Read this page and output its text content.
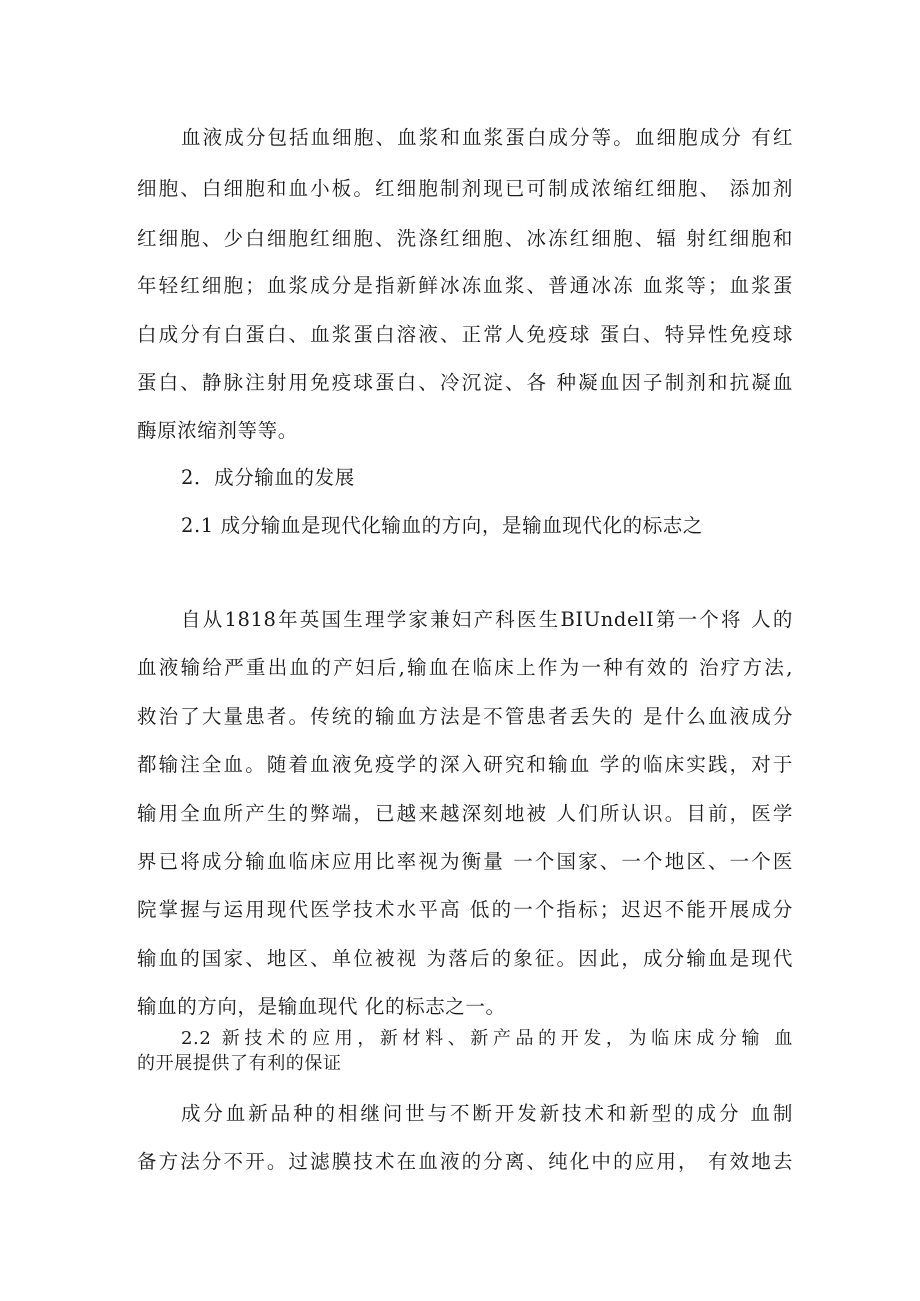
血液成分包括血细胞、血浆和血浆蛋白成分等。血细胞成分 有红
细胞、白细胞和血小板。红细胞制剂现已可制成浓缩红细胞、 添加剂
红细胞、少白细胞红细胞、洗涤红细胞、冰冻红细胞、辐 射红细胞和
年轻红细胞；血浆成分是指新鲜冰冻血浆、普通冰冻 血浆等；血浆蛋
白成分有白蛋白、血浆蛋白溶液、正常人免疫球 蛋白、特异性免疫球
蛋白、静脉注射用免疫球蛋白、冷沉淀、各 种凝血因子制剂和抗凝血
酶原浓缩剂等等。
2．成分输血的发展
2.1 成分输血是现代化输血的方向，是输血现代化的标志之
自从1818年英国生理学家兼妇产科医生BIUndelI第一个将 人的
血液输给严重出血的产妇后,输血在临床上作为一种有效的 治疗方法,
救治了大量患者。传统的输血方法是不管患者丢失的 是什么血液成分
都输注全血。随着血液免疫学的深入研究和输血 学的临床实践，对于
输用全血所产生的弊端，已越来越深刻地被 人们所认识。目前，医学
界已将成分输血临床应用比率视为衡量 一个国家、一个地区、一个医
院掌握与运用现代医学技术水平高 低的一个指标；迟迟不能开展成分
输血的国家、地区、单位被视 为落后的象征。因此，成分输血是现代
输血的方向，是输血现代 化的标志之一。
2.2 新技术的应用，新材料、新产品的开发，为临床成分输 血
的开展提供了有利的保证
成分血新品种的相继问世与不断开发新技术和新型的成分 血制
备方法分不开。过滤膜技术在血液的分离、纯化中的应用， 有效地去
